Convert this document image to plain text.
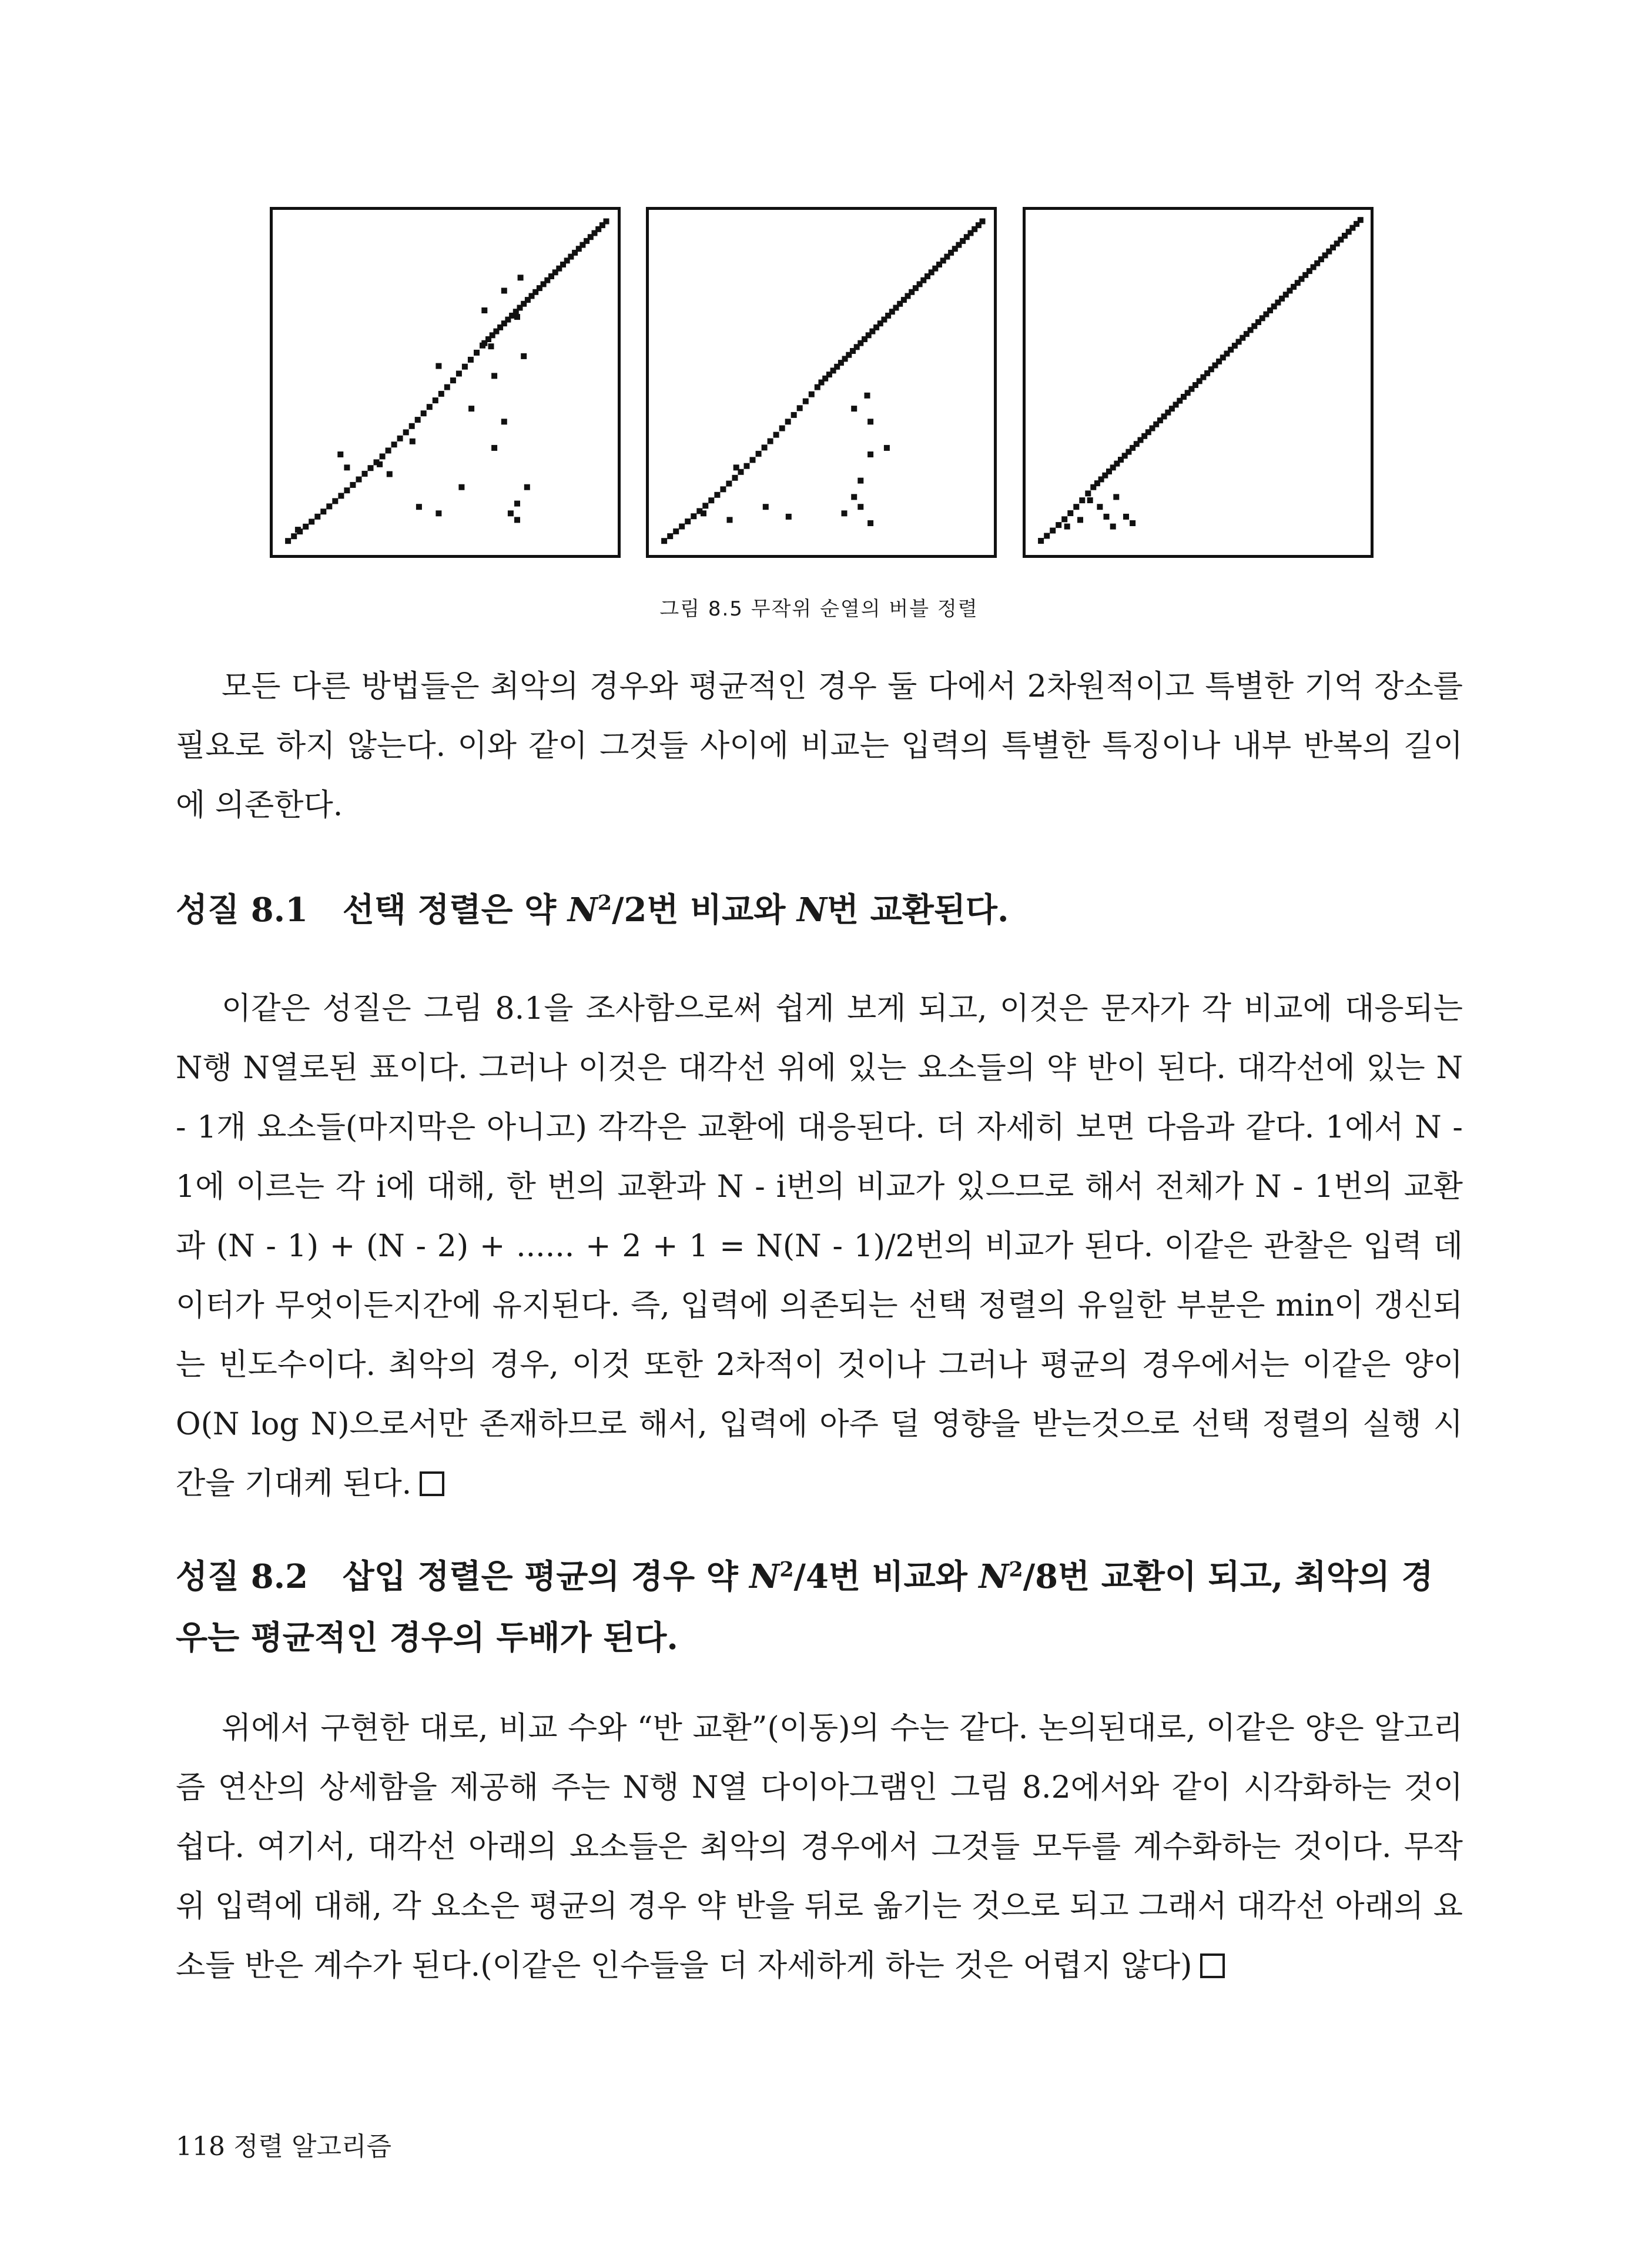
그림 8.5 무작위 순열의 버블 정렬

모든 다른 방법들은 최악의 경우와 평균적인 경우 둘 다에서 2차원적이고 특별한 기억 장소를 필요로 하지 않는다. 이와 같이 그것들 사이에 비교는 입력의 특별한 특징이나 내부 반복의 길이에 의존한다.

성질 8.1 선택 정렬은 약 $N^2/2$번 비교와 N번 교환된다.

이같은 성질은 그림 8.1을 조사함으로써 쉽게 보게 되고, 이것은 문자가 각 비교에 대응되는 N행 N열로된 표이다. 그러나 이것은 대각선 위에 있는 요소들의 약 반이 된다. 대각선에 있는 N - 1개 요소들(마지막은 아니고) 각각은 교환에 대응된다. 더 자세히 보면 다음과 같다. 1에서 N - 1에 이르는 각 i에 대해, 한 번의 교환과 N - i번의 비교가 있으므로 해서 전체가 N - 1번의 교환과 (N - 1) + (N - 2) + ...... + 2 + 1 = N(N - 1)/2번의 비교가 된다. 이같은 관찰은 입력 데이터가 무엇이든지간에 유지된다. 즉, 입력에 의존되는 선택 정렬의 유일한 부분은 min이 갱신되는 빈도수이다. 최악의 경우, 이것 또한 2차적이 것이나 그러나 평균의 경우에서는 이같은 양이 O(N log N)으로서만 존재하므로 해서, 입력에 아주 덜 영향을 받는것으로 선택 정렬의 실행 시간을 기대케 된다.

성질 8.2 삽입 정렬은 평균의 경우 약 $N^2/4$번 비교와 $N^2/8$번 교환이 되고, 최악의 경우는 평균적인 경우의 두배가 된다.

위에서 구현한 대로, 비교 수와 “반 교환”(이동)의 수는 같다. 논의된대로, 이같은 양은 알고리즘 연산의 상세함을 제공해 주는 N행 N열 다이아그램인 그림 8.2에서와 같이 시각화하는 것이 쉽다. 여기서, 대각선 아래의 요소들은 최악의 경우에서 그것들 모두를 계수화하는 것이다. 무작위 입력에 대해, 각 요소은 평균의 경우 약 반을 뒤로 옮기는 것으로 되고 그래서 대각선 아래의 요소들 반은 계수가 된다.(이같은 인수들을 더 자세하게 하는 것은 어렵지 않다)

118 정렬 알고리즘
